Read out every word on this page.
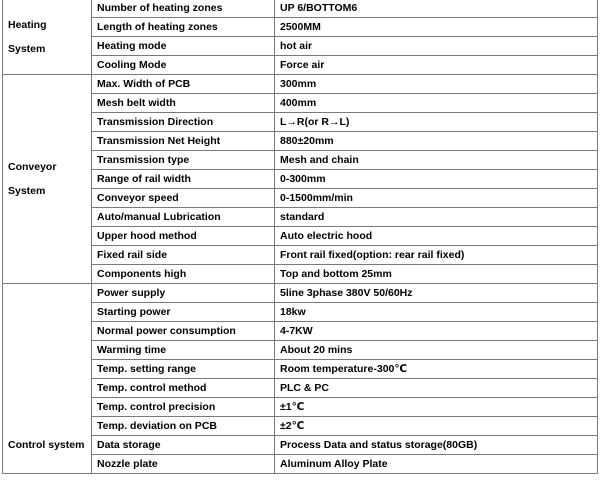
Heating

System	Number of heating zones	UP 6/BOTTOM6
	Length of heating zones	2500MM
	Heating mode	hot air
	Cooling Mode	Force air
Conveyor

System	Max. Width of PCB	300mm
	Mesh belt width	400mm
	Transmission Direction	L→R(or R→L)
	Transmission Net Height	880±20mm
	Transmission type	Mesh and chain
	Range of rail width	0-300mm
	Conveyor speed	0-1500mm/min
	Auto/manual Lubrication	standard
	Upper hood method	Auto electric hood
	Fixed rail side	Front rail fixed(option: rear rail fixed)
	Components high	Top and bottom 25mm
Control system	Power supply	5line 3phase 380V 50/60Hz
	Starting power	18kw
	Normal power consumption	4-7KW
	Warming time	About 20 mins
	Temp. setting range	Room temperature-300℃
	Temp. control method	PLC & PC
	Temp. control precision	±1℃
	Temp. deviation on PCB	±2℃
	Data storage	Process Data and status storage(80GB)
	Nozzle plate	Aluminum Alloy Plate
